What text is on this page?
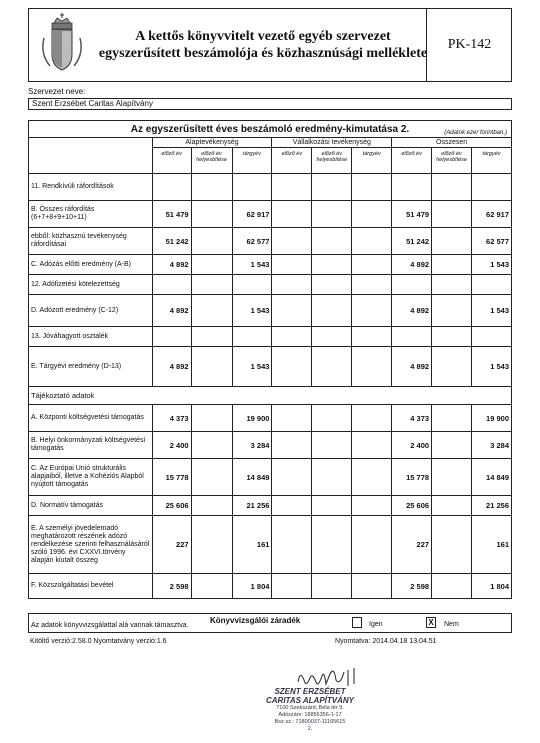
A kettős könyvvitelt vezető egyéb szervezet
egyszerűsített beszámolója és közhasznúsági melléklete
PK-142
Szervezet neve:
Szent Erzsébet Caritas Alapítvány
Az egyszerűsített éves beszámoló eredmény-kimutatása 2. (Adatok ezer forintban.)									

	Alaptevékenység			Vállalkozási tevékenység			Összesen		
	előző év	előző év helyesbítése	tárgyév	előző év	előző év helyesbítése	tárgyév	előző év	előző év helyesbítése	tárgyév
11. Rendkívüli ráfordítások									
B. Összes ráfordítás (6+7+8+9+10+11)	51 479		62 917				51 479		62 917
ebből: közhasznú tevékenység ráfordításai	51 242		62 577				51 242		62 577
C. Adózás előtti eredmény (A-B)	4 892		1 543				4 892		1 543
12. Adófizetési kötelezettség									
D. Adózott eredmény (C-12)	4 892		1 543				4 892		1 543
13. Jóváhagyott osztalék									
E. Tárgyévi eredmény (D-13)	4 892		1 543				4 892		1 543
Tájékoztató adatok									
A. Központi költségvetési támogatás	4 373		19 900				4 373		19 900
B. Helyi önkormányzati költségvetési támogatás	2 400		3 284				2 400		3 284
C. Az Európai Unió strukturális alapjaiból, illetve a Kohéziós Alapból nyújtott támogatás	15 778		14 849				15 778		14 849
D. Normatív támogatás	25 606		21 256				25 606		21 256
E. A személyi jövedelemadó meghatározott részének adózó rendelkezése szerinti felhasználásáról szóló 1996. évi CXXVI.törvény alapján kiutalt összeg	227		161				227		161
F. Közszolgáltatási bevétel	2 598		1 804				2 598		1 804
Könyvvizsgálói záradék
Az adatok könyvvizsgálattal alá vannak támasztva.	Igen	X	Nem
Kitöltő verzió:2.58.0 Nyomtatvány verzió:1.6	Nyomtatva: 2014.04.18 13.04.51
SZENT ERZSÉBET
CARITAS ALAPÍTVÁNY
7100 Szekszárd, Béla tér 9.
Adószám: 18856356-1-17
Bsz.sz.: 71800037-11165615
2.
